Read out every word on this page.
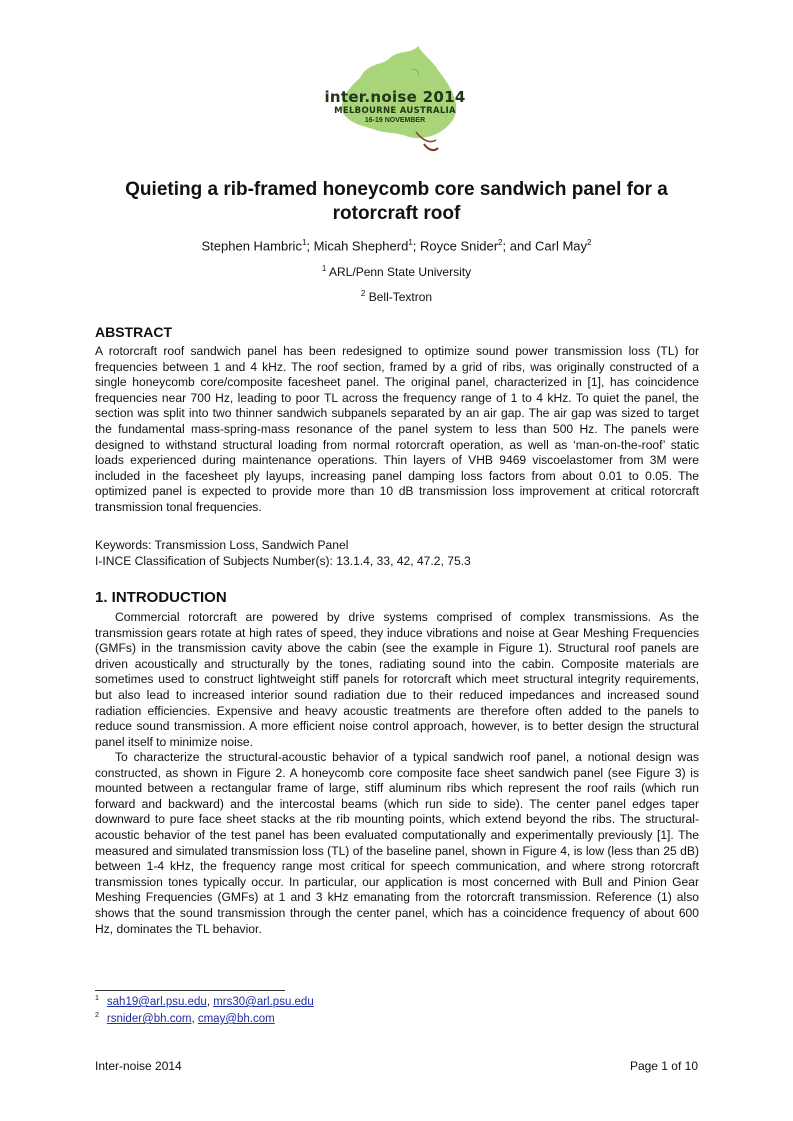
inter.noise 2014
MELBOURNE AUSTRALIA
16-19 NOVEMBER
Quieting a rib-framed honeycomb core sandwich panel for a rotorcraft roof
Stephen Hambric$^1$; Micah Shepherd$^1$; Royce Snider$^2$; and Carl May$^2$
$^1$ ARL/Penn State University
$^2$ Bell-Textron
ABSTRACT

A rotorcraft roof sandwich panel has been redesigned to optimize sound power transmission loss (TL) for frequencies between 1 and 4 kHz. The roof section, framed by a grid of ribs, was originally constructed of a single honeycomb core/composite facesheet panel. The original panel, characterized in [1], has coincidence frequencies near 700 Hz, leading to poor TL across the frequency range of 1 to 4 kHz. To quiet the panel, the section was split into two thinner sandwich subpanels separated by an air gap. The air gap was sized to target the fundamental mass-spring-mass resonance of the panel system to less than 500 Hz. The panels were designed to withstand structural loading from normal rotorcraft operation, as well as ‘man-on-the-roof’ static loads experienced during maintenance operations. Thin layers of VHB 9469 viscoelastomer from 3M were included in the facesheet ply layups, increasing panel damping loss factors from about 0.01 to 0.05. The optimized panel is expected to provide more than 10 dB transmission loss improvement at critical rotorcraft transmission tonal frequencies.

Keywords: Transmission Loss, Sandwich Panel
I-INCE Classification of Subjects Number(s): 13.1.4, 33, 42, 47.2, 75.3
1. INTRODUCTION

Commercial rotorcraft are powered by drive systems comprised of complex transmissions. As the transmission gears rotate at high rates of speed, they induce vibrations and noise at Gear Meshing Frequencies (GMFs) in the transmission cavity above the cabin (see the example in Figure 1). Structural roof panels are driven acoustically and structurally by the tones, radiating sound into the cabin. Composite materials are sometimes used to construct lightweight stiff panels for rotorcraft which meet structural integrity requirements, but also lead to increased interior sound radiation due to their reduced impedances and increased sound radiation efficiencies. Expensive and heavy acoustic treatments are therefore often added to the panels to reduce sound transmission. A more efficient noise control approach, however, is to better design the structural panel itself to minimize noise.

To characterize the structural-acoustic behavior of a typical sandwich roof panel, a notional design was constructed, as shown in Figure 2. A honeycomb core composite face sheet sandwich panel (see Figure 3) is mounted between a rectangular frame of large, stiff aluminum ribs which represent the roof rails (which run forward and backward) and the intercostal beams (which run side to side). The center panel edges taper downward to pure face sheet stacks at the rib mounting points, which extend beyond the ribs. The structural-acoustic behavior of the test panel has been evaluated computationally and experimentally previously [1]. The measured and simulated transmission loss (TL) of the baseline panel, shown in Figure 4, is low (less than 25 dB) between 1-4 kHz, the frequency range most critical for speech communication, and where strong rotorcraft transmission tones typically occur. In particular, our application is most concerned with Bull and Pinion Gear Meshing Frequencies (GMFs) at 1 and 3 kHz emanating from the rotorcraft transmission. Reference (1) also shows that the sound transmission through the center panel, which has a coincidence frequency of about 600 Hz, dominates the TL behavior.

$^1$ sah19@arl.psu.edu, mrs30@arl.psu.edu
$^2$ rsnider@bh.com, cmay@bh.com
Inter-noise 2014	Page 1 of 10
